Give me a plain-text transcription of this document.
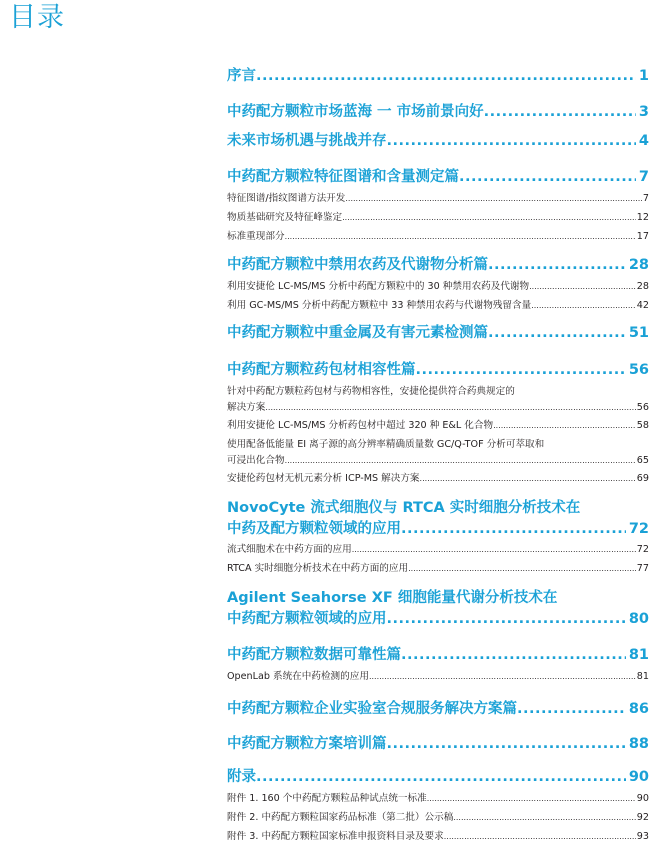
目录
序言 .....	1
中药配方颗粒市场蓝海 一 市场前景向好 .....	3
未来市场机遇与挑战并存 .....	4
中药配方颗粒特征图谱和含量测定篇 .....	7
特征图谱/指纹图谱方法开发 .....	7
物质基础研究及特征峰鉴定 .....	12
标准重现部分 .....	17
中药配方颗粒中禁用农药及代谢物分析篇 .....	28
利用安捷伦 LC-MS/MS 分析中药配方颗粒中的 30 种禁用农药及代谢物 .....	28
利用 GC-MS/MS 分析中药配方颗粒中 33 种禁用农药与代谢物残留含量 .....	42
中药配方颗粒中重金属及有害元素检测篇 .....	51
中药配方颗粒药包材相容性篇 .....	56
针对中药配方颗粒药包材与药物相容性，安捷伦提供符合药典规定的
解决方案 .....	56
利用安捷伦 LC-MS/MS 分析药包材中超过 320 种 E&L 化合物 .....	58
使用配备低能量 EI 离子源的高分辨率精确质量数 GC/Q-TOF 分析可萃取和
可浸出化合物 .....	65
安捷伦药包材无机元素分析 ICP-MS 解决方案 .....	69
NovoCyte 流式细胞仪与 RTCA 实时细胞分析技术在
中药及配方颗粒领域的应用 .....	72
流式细胞术在中药方面的应用 .....	72
RTCA 实时细胞分析技术在中药方面的应用 .....	77
Agilent Seahorse XF 细胞能量代谢分析技术在
中药配方颗粒领域的应用 .....	80
中药配方颗粒数据可靠性篇 .....	81
OpenLab 系统在中药检测的应用 .....	81
中药配方颗粒企业实验室合规服务解决方案篇 .....	86
中药配方颗粒方案培训篇 .....	88
附录 .....	90
附件 1. 160 个中药配方颗粒品种试点统一标准 .....	90
附件 2. 中药配方颗粒国家药品标准（第二批）公示稿 .....	92
附件 3. 中药配方颗粒国家标准申报资料目录及要求 .....	93
